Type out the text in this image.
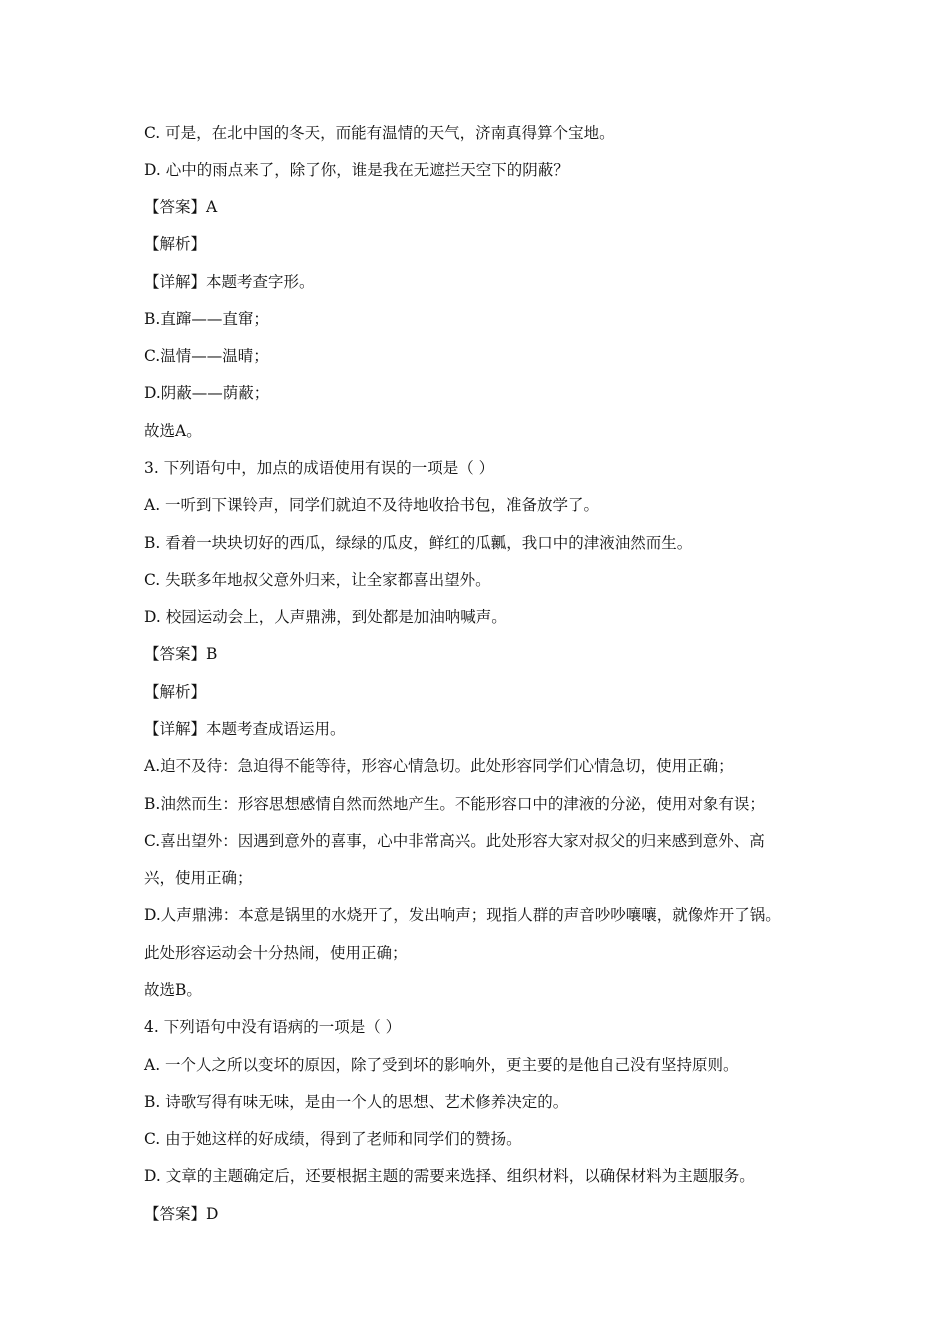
C. 可是，在北中国的冬天，而能有温情的天气，济南真得算个宝地。
D. 心中的雨点来了，除了你，谁是我在无遮拦天空下的阴蔽？
【答案】A
【解析】
【详解】本题考查字形。
B.直蹿——直窜；
C.温情——温晴；
D.阴蔽——荫蔽；
故选A。
3. 下列语句中，加点的成语使用有误的一项是（ ）
A. 一听到下课铃声，同学们就迫不及待地收拾书包，准备放学了。
B. 看着一块块切好的西瓜，绿绿的瓜皮，鲜红的瓜瓤，我口中的津液油然而生。
C. 失联多年地叔父意外归来，让全家都喜出望外。
D. 校园运动会上，人声鼎沸，到处都是加油呐喊声。
【答案】B
【解析】
【详解】本题考查成语运用。
A.迫不及待：急迫得不能等待，形容心情急切。此处形容同学们心情急切，使用正确；
B.油然而生：形容思想感情自然而然地产生。不能形容口中的津液的分泌，使用对象有误；
C.喜出望外：因遇到意外的喜事，心中非常高兴。此处形容大家对叔父的归来感到意外、高
兴，使用正确；
D.人声鼎沸：本意是锅里的水烧开了，发出响声；现指人群的声音吵吵嚷嚷，就像炸开了锅。
此处形容运动会十分热闹，使用正确；
故选B。
4. 下列语句中没有语病的一项是（ ）
A. 一个人之所以变坏的原因，除了受到坏的影响外，更主要的是他自己没有坚持原则。
B. 诗歌写得有味无味，是由一个人的思想、艺术修养决定的。
C. 由于她这样的好成绩，得到了老师和同学们的赞扬。
D. 文章的主题确定后，还要根据主题的需要来选择、组织材料，以确保材料为主题服务。
【答案】D
